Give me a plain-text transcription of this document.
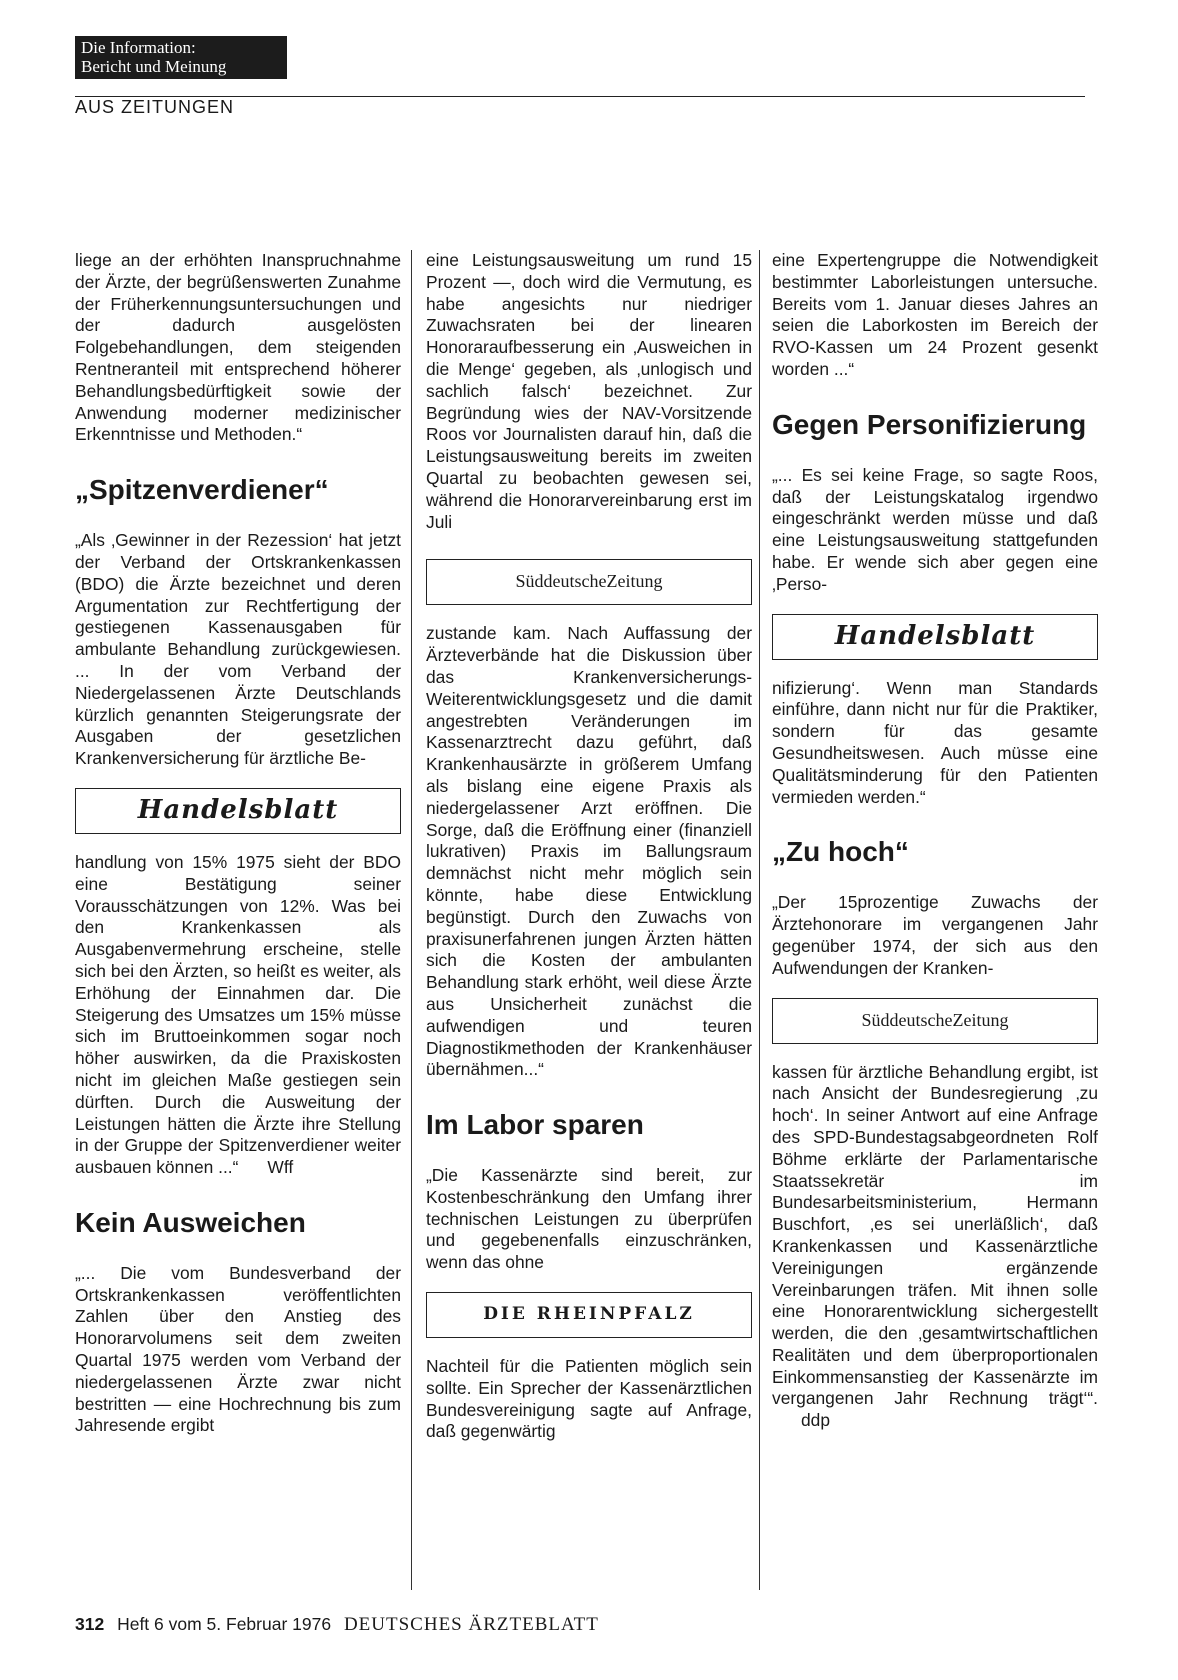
Die Information:
Bericht und Meinung
AUS ZEITUNGEN

liege an der erhöhten Inanspruchnahme der Ärzte, der begrüßenswerten Zunahme der Früherkennungsuntersuchungen und der dadurch ausgelösten Folgebehandlungen, dem steigenden Rentneranteil mit entsprechend höherer Behandlungsbedürftigkeit sowie der Anwendung moderner medizinischer Erkenntnisse und Methoden.“

„Spitzenverdiener“

„Als ‚Gewinner in der Rezession‘ hat jetzt der Verband der Ortskrankenkassen (BDO) die Ärzte bezeichnet und deren Argumentation zur Rechtfertigung der gestiegenen Kassenausgaben für ambulante Behandlung zurückgewiesen. ... In der vom Verband der Niedergelassenen Ärzte Deutschlands kürzlich genannten Steigerungsrate der Ausgaben der gesetzlichen Krankenversicherung für ärztliche Be-

Handelsblatt

handlung von 15% 1975 sieht der BDO eine Bestätigung seiner Vorausschätzungen von 12%. Was bei den Krankenkassen als Ausgabenvermehrung erscheine, stelle sich bei den Ärzten, so heißt es weiter, als Erhöhung der Einnahmen dar. Die Steigerung des Umsatzes um 15% müsse sich im Bruttoeinkommen sogar noch höher auswirken, da die Praxiskosten nicht im gleichen Maße gestiegen sein dürften. Durch die Ausweitung der Leistungen hätten die Ärzte ihre Stellung in der Gruppe der Spitzenverdiener weiter ausbauen können ...“ Wff

Kein Ausweichen

„... Die vom Bundesverband der Ortskrankenkassen veröffentlichten Zahlen über den Anstieg des Honorarvolumens seit dem zweiten Quartal 1975 werden vom Verband der niedergelassenen Ärzte zwar nicht bestritten — eine Hochrechnung bis zum Jahresende ergibt

eine Leistungsausweitung um rund 15 Prozent —, doch wird die Vermutung, es habe angesichts nur niedriger Zuwachsraten bei der linearen Honoraraufbesserung ein ‚Ausweichen in die Menge‘ gegeben, als ‚unlogisch und sachlich falsch‘ bezeichnet. Zur Begründung wies der NAV-Vorsitzende Roos vor Journalisten darauf hin, daß die Leistungsausweitung bereits im zweiten Quartal zu beobachten gewesen sei, während die Honorarvereinbarung erst im Juli

SüddeutscheZeitung

zustande kam. Nach Auffassung der Ärzteverbände hat die Diskussion über das Krankenversicherungs-Weiterentwicklungsgesetz und die damit angestrebten Veränderungen im Kassenarztrecht dazu geführt, daß Krankenhausärzte in größerem Umfang als bislang eine eigene Praxis als niedergelassener Arzt eröffnen. Die Sorge, daß die Eröffnung einer (finanziell lukrativen) Praxis im Ballungsraum demnächst nicht mehr möglich sein könnte, habe diese Entwicklung begünstigt. Durch den Zuwachs von praxisunerfahrenen jungen Ärzten hätten sich die Kosten der ambulanten Behandlung stark erhöht, weil diese Ärzte aus Unsicherheit zunächst die aufwendigen und teuren Diagnostikmethoden der Krankenhäuser übernähmen...“

Im Labor sparen

„Die Kassenärzte sind bereit, zur Kostenbeschränkung den Umfang ihrer technischen Leistungen zu überprüfen und gegebenenfalls einzuschränken, wenn das ohne

DIE RHEINPFALZ

Nachteil für die Patienten möglich sein sollte. Ein Sprecher der Kassenärztlichen Bundesvereinigung sagte auf Anfrage, daß gegenwärtig

eine Expertengruppe die Notwendigkeit bestimmter Laborleistungen untersuche. Bereits vom 1. Januar dieses Jahres an seien die Laborkosten im Bereich der RVO-Kassen um 24 Prozent gesenkt worden ...“

Gegen Personifizierung

„... Es sei keine Frage, so sagte Roos, daß der Leistungskatalog irgendwo eingeschränkt werden müsse und daß eine Leistungsausweitung stattgefunden habe. Er wende sich aber gegen eine ‚Perso-

Handelsblatt

nifizierung‘. Wenn man Standards einführe, dann nicht nur für die Praktiker, sondern für das gesamte Gesundheitswesen. Auch müsse eine Qualitätsminderung für den Patienten vermieden werden.“

„Zu hoch“

„Der 15prozentige Zuwachs der Ärztehonorare im vergangenen Jahr gegenüber 1974, der sich aus den Aufwendungen der Kranken-

SüddeutscheZeitung

kassen für ärztliche Behandlung ergibt, ist nach Ansicht der Bundesregierung ‚zu hoch‘. In seiner Antwort auf eine Anfrage des SPD-Bundestagsabgeordneten Rolf Böhme erklärte der Parlamentarische Staatssekretär im Bundesarbeitsministerium, Hermann Buschfort, ‚es sei unerläßlich‘, daß Krankenkassen und Kassenärztliche Vereinigungen ergänzende Vereinbarungen träfen. Mit ihnen solle eine Honorarentwicklung sichergestellt werden, die den ‚gesamtwirtschaftlichen Realitäten und dem überproportionalen Einkommensanstieg der Kassenärzte im vergangenen Jahr Rechnung trägt‘“.       ddp

312 Heft 6 vom 5. Februar 1976 DEUTSCHES ÄRZTEBLATT
